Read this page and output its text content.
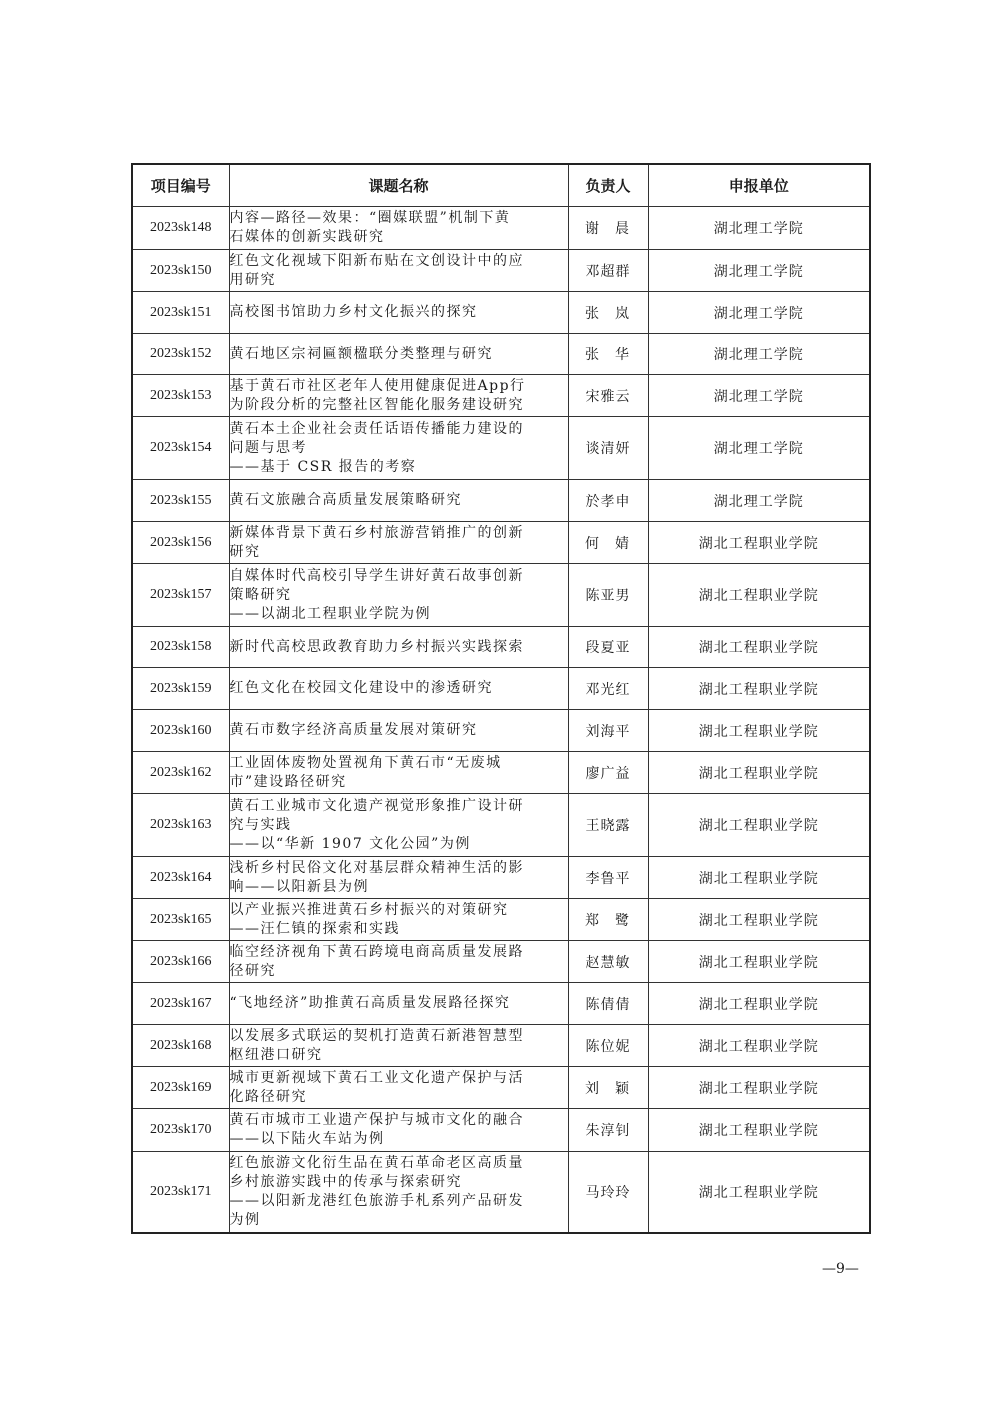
项目编号	课题名称	负责人	申报单位
2023sk148	内容—路径—效果：“圈媒联盟”机制下黄
石媒体的创新实践研究	谢晨	湖北理工学院
2023sk150	红色文化视域下阳新布贴在文创设计中的应
用研究	邓超群	湖北理工学院
2023sk151	高校图书馆助力乡村文化振兴的探究	张岚	湖北理工学院
2023sk152	黄石地区宗祠匾额楹联分类整理与研究	张华	湖北理工学院
2023sk153	基于黄石市社区老年人使用健康促进App行
为阶段分析的完整社区智能化服务建设研究	宋雅云	湖北理工学院
2023sk154	黄石本土企业社会责任话语传播能力建设的
问题与思考
——基于 CSR 报告的考察	谈清妍	湖北理工学院
2023sk155	黄石文旅融合高质量发展策略研究	於孝申	湖北理工学院
2023sk156	新媒体背景下黄石乡村旅游营销推广的创新
研究	何婧	湖北工程职业学院
2023sk157	自媒体时代高校引导学生讲好黄石故事创新
策略研究
——以湖北工程职业学院为例	陈亚男	湖北工程职业学院
2023sk158	新时代高校思政教育助力乡村振兴实践探索	段夏亚	湖北工程职业学院
2023sk159	红色文化在校园文化建设中的渗透研究	邓光红	湖北工程职业学院
2023sk160	黄石市数字经济高质量发展对策研究	刘海平	湖北工程职业学院
2023sk162	工业固体废物处置视角下黄石市“无废城
市”建设路径研究	廖广益	湖北工程职业学院
2023sk163	黄石工业城市文化遗产视觉形象推广设计研
究与实践
——以“华新 1907 文化公园”为例	王晓露	湖北工程职业学院
2023sk164	浅析乡村民俗文化对基层群众精神生活的影
响——以阳新县为例	李鲁平	湖北工程职业学院
2023sk165	以产业振兴推进黄石乡村振兴的对策研究
——汪仁镇的探索和实践	郑鹭	湖北工程职业学院
2023sk166	临空经济视角下黄石跨境电商高质量发展路
径研究	赵慧敏	湖北工程职业学院
2023sk167	“飞地经济”助推黄石高质量发展路径探究	陈倩倩	湖北工程职业学院
2023sk168	以发展多式联运的契机打造黄石新港智慧型
枢纽港口研究	陈位妮	湖北工程职业学院
2023sk169	城市更新视域下黄石工业文化遗产保护与活
化路径研究	刘颖	湖北工程职业学院
2023sk170	黄石市城市工业遗产保护与城市文化的融合
——以下陆火车站为例	朱淳钊	湖北工程职业学院
2023sk171	红色旅游文化衍生品在黄石革命老区高质量
乡村旅游实践中的传承与探索研究
——以阳新龙港红色旅游手札系列产品研发
为例	马玲玲	湖北工程职业学院
—9—
